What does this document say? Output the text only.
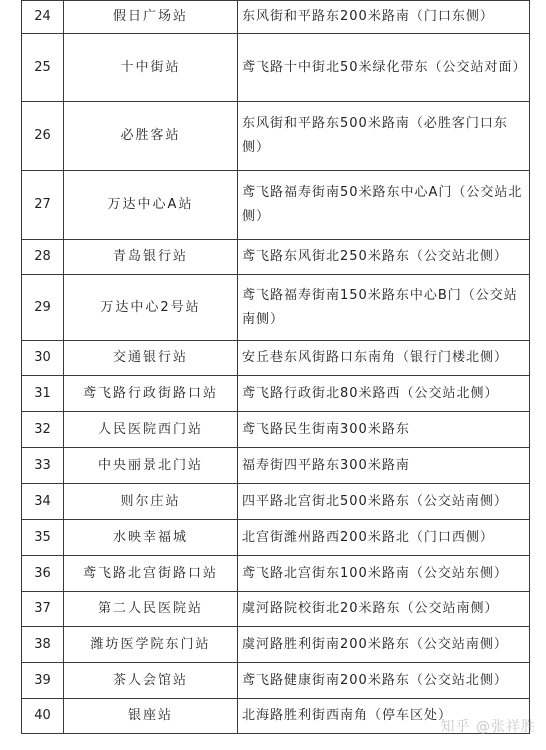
24	假日广场站	东风街和平路东200米路南（门口东侧）
25	十中街站	鸢飞路十中街北50米绿化带东（公交站对面）
26	必胜客站	东风街和平路东500米路南（必胜客门口东侧）
27	万达中心A站	鸢飞路福寿街南50米路东中心A门（公交站北侧）
28	青岛银行站	鸢飞路东风街北250米路东（公交站北侧）
29	万达中心2号站	鸢飞路福寿街南150米路东中心B门（公交站南侧）
30	交通银行站	安丘巷东风街路口东南角（银行门楼北侧）
31	鸢飞路行政街路口站	鸢飞路行政街北80米路西（公交站北侧）
32	人民医院西门站	鸢飞路民生街南300米路东
33	中央丽景北门站	福寿街四平路东300米路南
34	则尔庄站	四平路北宫街北500米路东（公交站南侧）
35	水映幸福城	北宫街潍州路西200米路北（门口西侧）
36	鸢飞路北宫街路口站	鸢飞路北宫街东100米路南（公交站东侧）
37	第二人民医院站	虞河路院校街北20米路东（公交站南侧）
38	潍坊医学院东门站	虞河路胜利街南200米路东（公交站南侧）
39	茶人会馆站	鸢飞路健康街南200米路东（公交站北侧）
40	银座站	北海路胜利街西南角（停车区处）
知乎 @张祥胜
